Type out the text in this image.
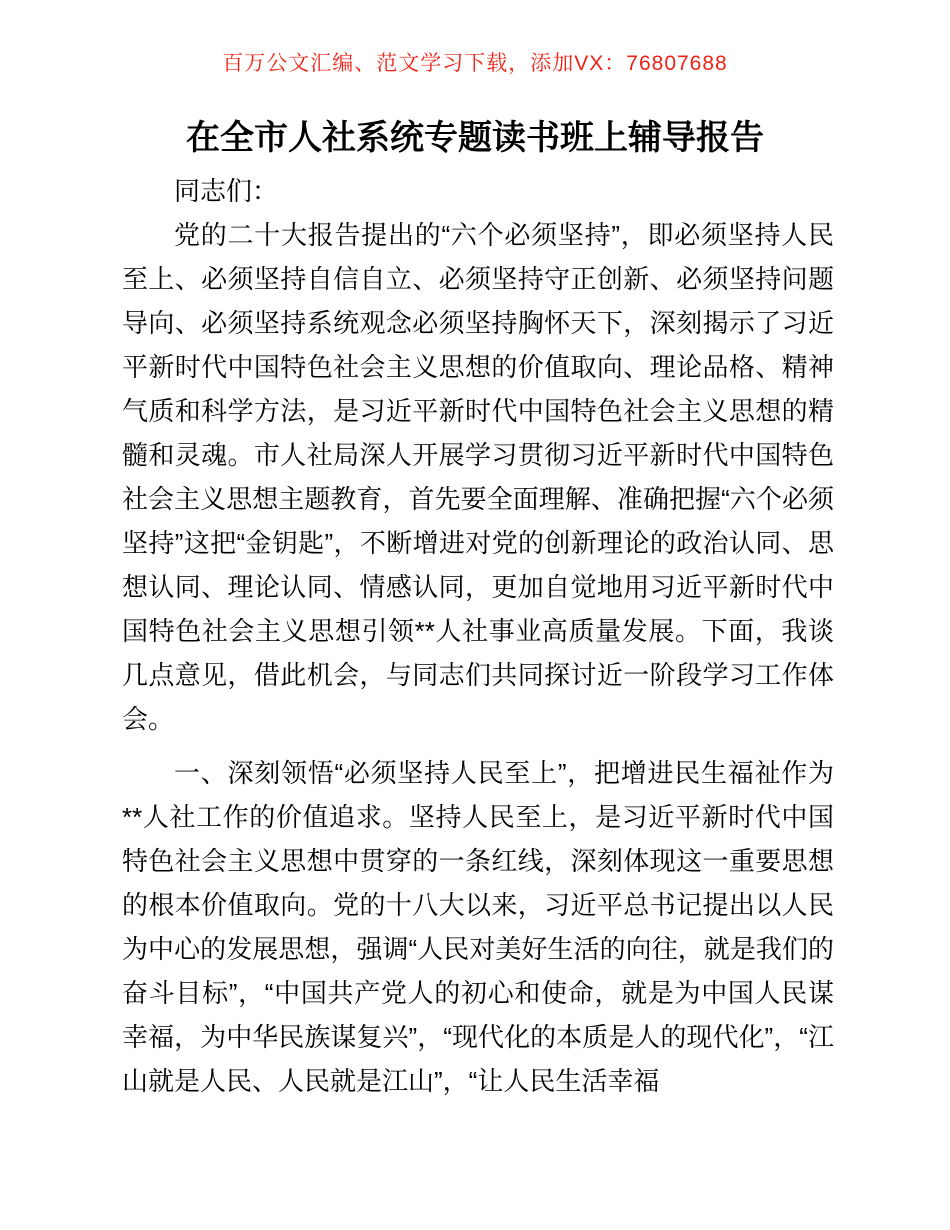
百万公文汇编、范文学习下载，添加VX：76807688
在全市人社系统专题读书班上辅导报告

同志们：

党的二十大报告提出的“六个必须坚持”，即必须坚持人民至上、必须坚持自信自立、必须坚持守正创新、必须坚持问题导向、必须坚持系统观念必须坚持胸怀天下，深刻揭示了习近平新时代中国特色社会主义思想的价值取向、理论品格、精神气质和科学方法，是习近平新时代中国特色社会主义思想的精髓和灵魂。市人社局深人开展学习贯彻习近平新时代中国特色社会主义思想主题教育，首先要全面理解、准确把握“六个必须坚持”这把“金钥匙”，不断增进对党的创新理论的政治认同、思想认同、理论认同、情感认同，更加自觉地用习近平新时代中国特色社会主义思想引领**人社事业高质量发展。下面，我谈几点意见，借此机会，与同志们共同探讨近一阶段学习工作体会。

一、深刻领悟“必须坚持人民至上”，把增进民生福祉作为**人社工作的价值追求。坚持人民至上，是习近平新时代中国特色社会主义思想中贯穿的一条红线，深刻体现这一重要思想的根本价值取向。党的十八大以来，习近平总书记提出以人民为中心的发展思想，强调“人民对美好生活的向往，就是我们的奋斗目标”，“中国共产党人的初心和使命，就是为中国人民谋幸福，为中华民族谋复兴”，“现代化的本质是人的现代化”，“江山就是人民、人民就是江山”，“让人民生活幸福
